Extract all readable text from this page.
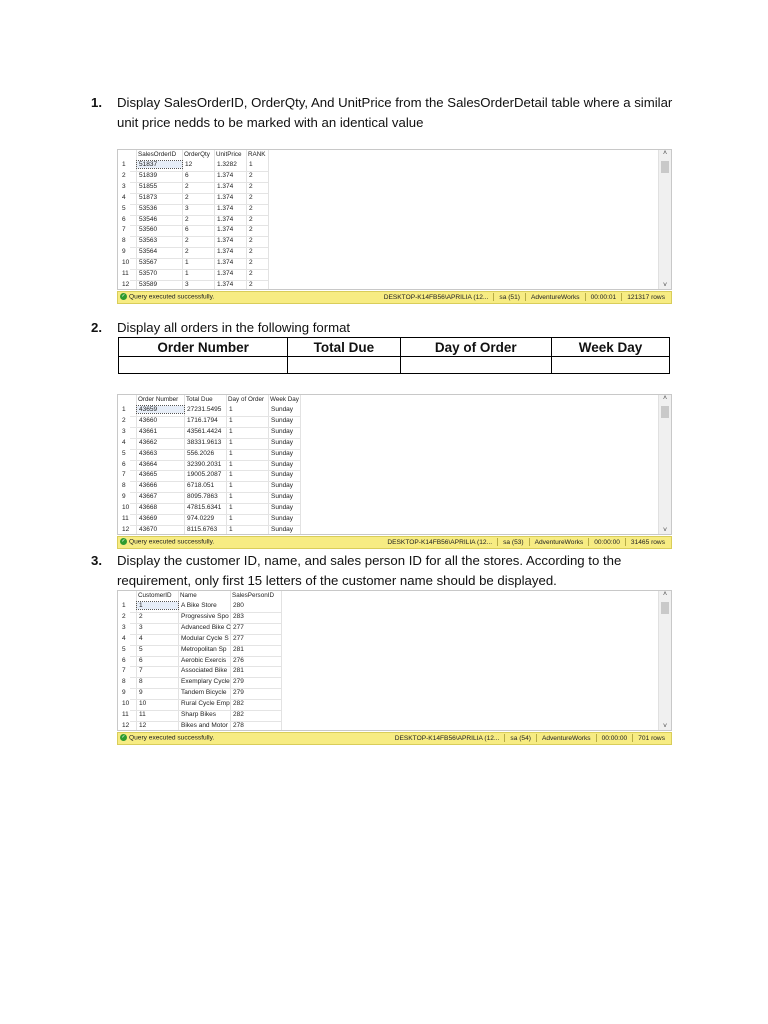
1. Display SalesOrderID, OrderQty, And UnitPrice from the SalesOrderDetail table where a similar unit price nedds to be marked with an identical value
SalesOrderID OrderQty UnitPrice RANK
1	51837	12	1.3282 1
2 51839	6	1.374 2
3 51855	2	1.374 2
4 51873	2	1.374 2
5 53536	3	1.374 2
6 53546	2	1.374 2
7 53560	6	1.374 2
8 53563	2	1.374 2
9 53564	2	1.374 2
10 53567	1	1.374 2
11 53570	1	1.374 2
12 53589	3	1.374 2
˄
˅
✓ Query executed successfully.	DESKTOP-K14FB56\APRILIA (12... sa (51) AdventureWorks 00:00:01 121317 rows
2. Display all orders in the following format
Order Number	Total Due	Day of Order	Week Day

Order Number Total Due Day of Order Week Day
1	43659	27231.5495 1	Sunday
2 43660	1716.1794 1	Sunday
3 43661	43561.4424 1	Sunday
4 43662	38331.9613 1	Sunday
5 43663	556.2026 1	Sunday
6 43664	32390.2031 1	Sunday
7 43665	19005.2087 1	Sunday
8 43666	6718.051 1	Sunday
9 43667	8095.7863 1	Sunday
10 43668	47815.6341 1	Sunday
11 43669	974.0229 1	Sunday
12 43670	8115.6763 1	Sunday
˄
˅
✓ Query executed successfully.	DESKTOP-K14FB56\APRILIA (12... sa (53) AdventureWorks 00:00:00 31465 rows
3. Display the customer ID, name, and sales person ID for all the stores. According to the requirement, only first 15 letters of the customer name should be displayed.
CustomerID Name	SalesPersonID
1	1	A Bike Store 280
2 2	Progressive Spo 283
3 3	Advanced Bike C 277
4 4	Modular Cycle S 277
5 5	Metropolitan Sp 281
6 6	Aerobic Exercis 276
7 7	Associated Bike 281
8 8	Exemplary Cycle 279
9 9	Tandem Bicycle 279
10 10	Rural Cycle Emp 282
11 11	Sharp Bikes	282
12 12	Bikes and Motor 278
˄
˅
✓ Query executed successfully.	DESKTOP-K14FB56\APRILIA (12... sa (54) AdventureWorks 00:00:00 701 rows
